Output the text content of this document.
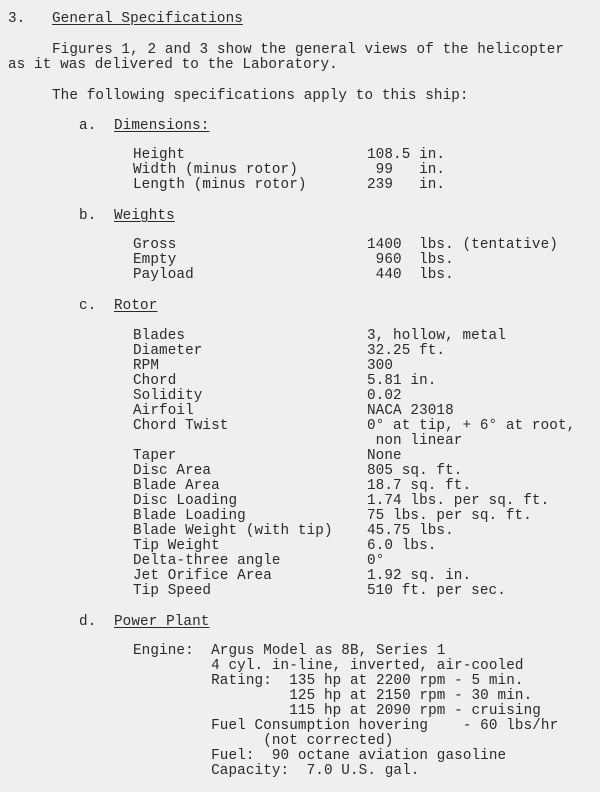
3. General Specifications
Figures 1, 2 and 3 show the general views of the helicopter
as it was delivered to the Laboratory.
The following specifications apply to this ship:
a. Dimensions:
Height	108.5 in.
Width (minus rotor)	99   in.
Length (minus rotor)	239   in.
b. Weights
Gross	1400  lbs. (tentative)
Empty	960  lbs.
Payload	440  lbs.
c. Rotor
Blades	3, hollow, metal
Diameter	32.25 ft.
RPM	300
Chord	5.81 in.
Solidity	0.02
Airfoil	NACA 23018
Chord Twist	0° at tip, + 6° at root,
non linear
Taper	None
Disc Area	805 sq. ft.
Blade Area	18.7 sq. ft.
Disc Loading	1.74 lbs. per sq. ft.
Blade Loading	75 lbs. per sq. ft.
Blade Weight (with tip) 45.75 lbs.
Tip Weight	6.0 lbs.
Delta-three angle	0°
Jet Orifice Area	1.92 sq. in.
Tip Speed	510 ft. per sec.
d. Power Plant
Engine:  Argus Model as 8B, Series 1
4 cyl. in-line, inverted, air-cooled
Rating:  135 hp at 2200 rpm - 5 min.
125 hp at 2150 rpm - 30 min.
115 hp at 2090 rpm - cruising
Fuel Consumption hovering    - 60 lbs/hr
(not corrected)
Fuel:  90 octane aviation gasoline
Capacity:  7.0 U.S. gal.
